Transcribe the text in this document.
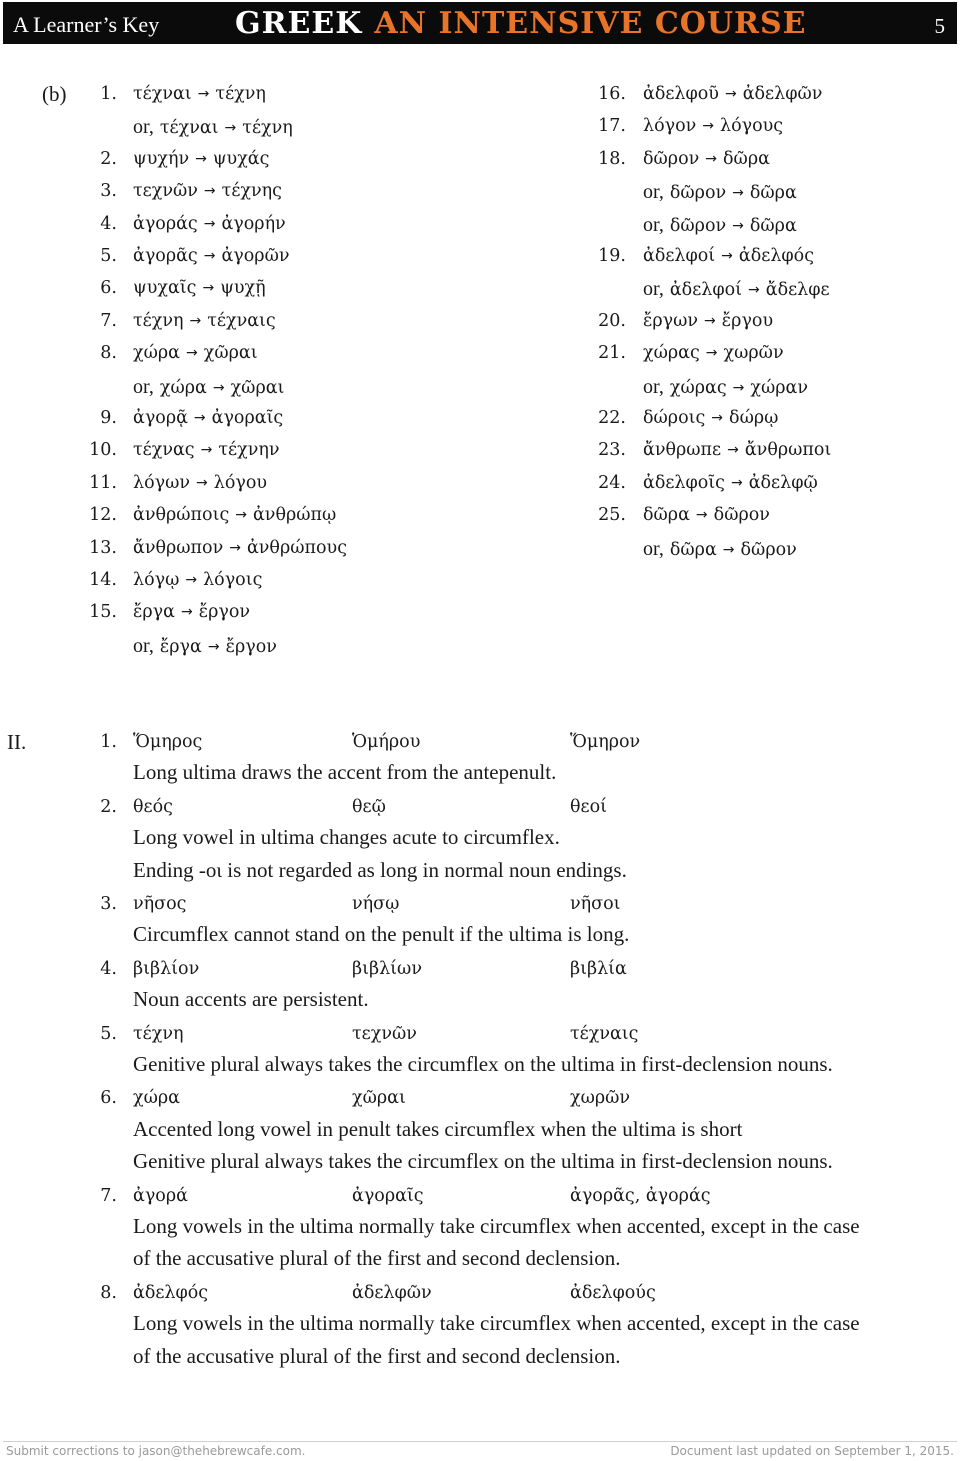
A Learner’s Key	GREEK AN INTENSIVE COURSE	5
(b)	1. τέχναι → τέχνη
or, τέχναι → τέχνη
2. ψυχήν → ψυχάς
3. τεχνῶν → τέχνης
4. ἀγοράς → ἀγορήν
5. ἀγορᾶς → ἀγορῶν
6. ψυχαῖς → ψυχῇ
7. τέχνη → τέχναις
8. χώρα → χῶραι
or, χώρα → χῶραι
9. ἀγορᾷ → ἀγοραῖς
10. τέχνας → τέχνην
11. λόγων → λόγου
12. ἀνθρώποις → ἀνθρώπῳ
13. ἄνθρωπον → ἀνθρώπους
14. λόγῳ → λόγοις
15. ἔργα → ἔργον
or, ἔργα → ἔργον
16. ἀδελφοῦ → ἀδελφῶν
17. λόγον → λόγους
18. δῶρον → δῶρα
or, δῶρον → δῶρα
or, δῶρον → δῶρα
19. ἀδελφοί → ἀδελφός
or, ἀδελφοί → ἄδελφε
20. ἔργων → ἔργου
21. χώρας → χωρῶν
or, χώρας → χώραν
22. δώροις → δώρῳ
23. ἄνθρωπε → ἄνθρωποι
24. ἀδελφοῖς → ἀδελφῷ
25. δῶρα → δῶρον
or, δῶρα → δῶρον
II.	1. Ὅμηρος	Ὁμήρου	Ὅμηρον
Long ultima draws the accent from the antepenult.
2. θεός	θεῷ	θεοί
Long vowel in ultima changes acute to circumflex.
Ending -οι is not regarded as long in normal noun endings.
3. νῆσος	νήσῳ	νῆσοι
Circumflex cannot stand on the penult if the ultima is long.
4. βιβλίον	βιβλίων	βιβλία
Noun accents are persistent.
5. τέχνη	τεχνῶν	τέχναις
Genitive plural always takes the circumflex on the ultima in first-declension nouns.
6. χώρα	χῶραι	χωρῶν
Accented long vowel in penult takes circumflex when the ultima is short
Genitive plural always takes the circumflex on the ultima in first-declension nouns.
7. ἀγορά	ἀγοραῖς	ἀγορᾶς, ἀγοράς
Long vowels in the ultima normally take circumflex when accented, except in the case
of the accusative plural of the first and second declension.
8. ἀδελφός	ἀδελφῶν	ἀδελφούς
Long vowels in the ultima normally take circumflex when accented, except in the case
of the accusative plural of the first and second declension.
Submit corrections to jason@thehebrewcafe.com.	Document last updated on September 1, 2015.
